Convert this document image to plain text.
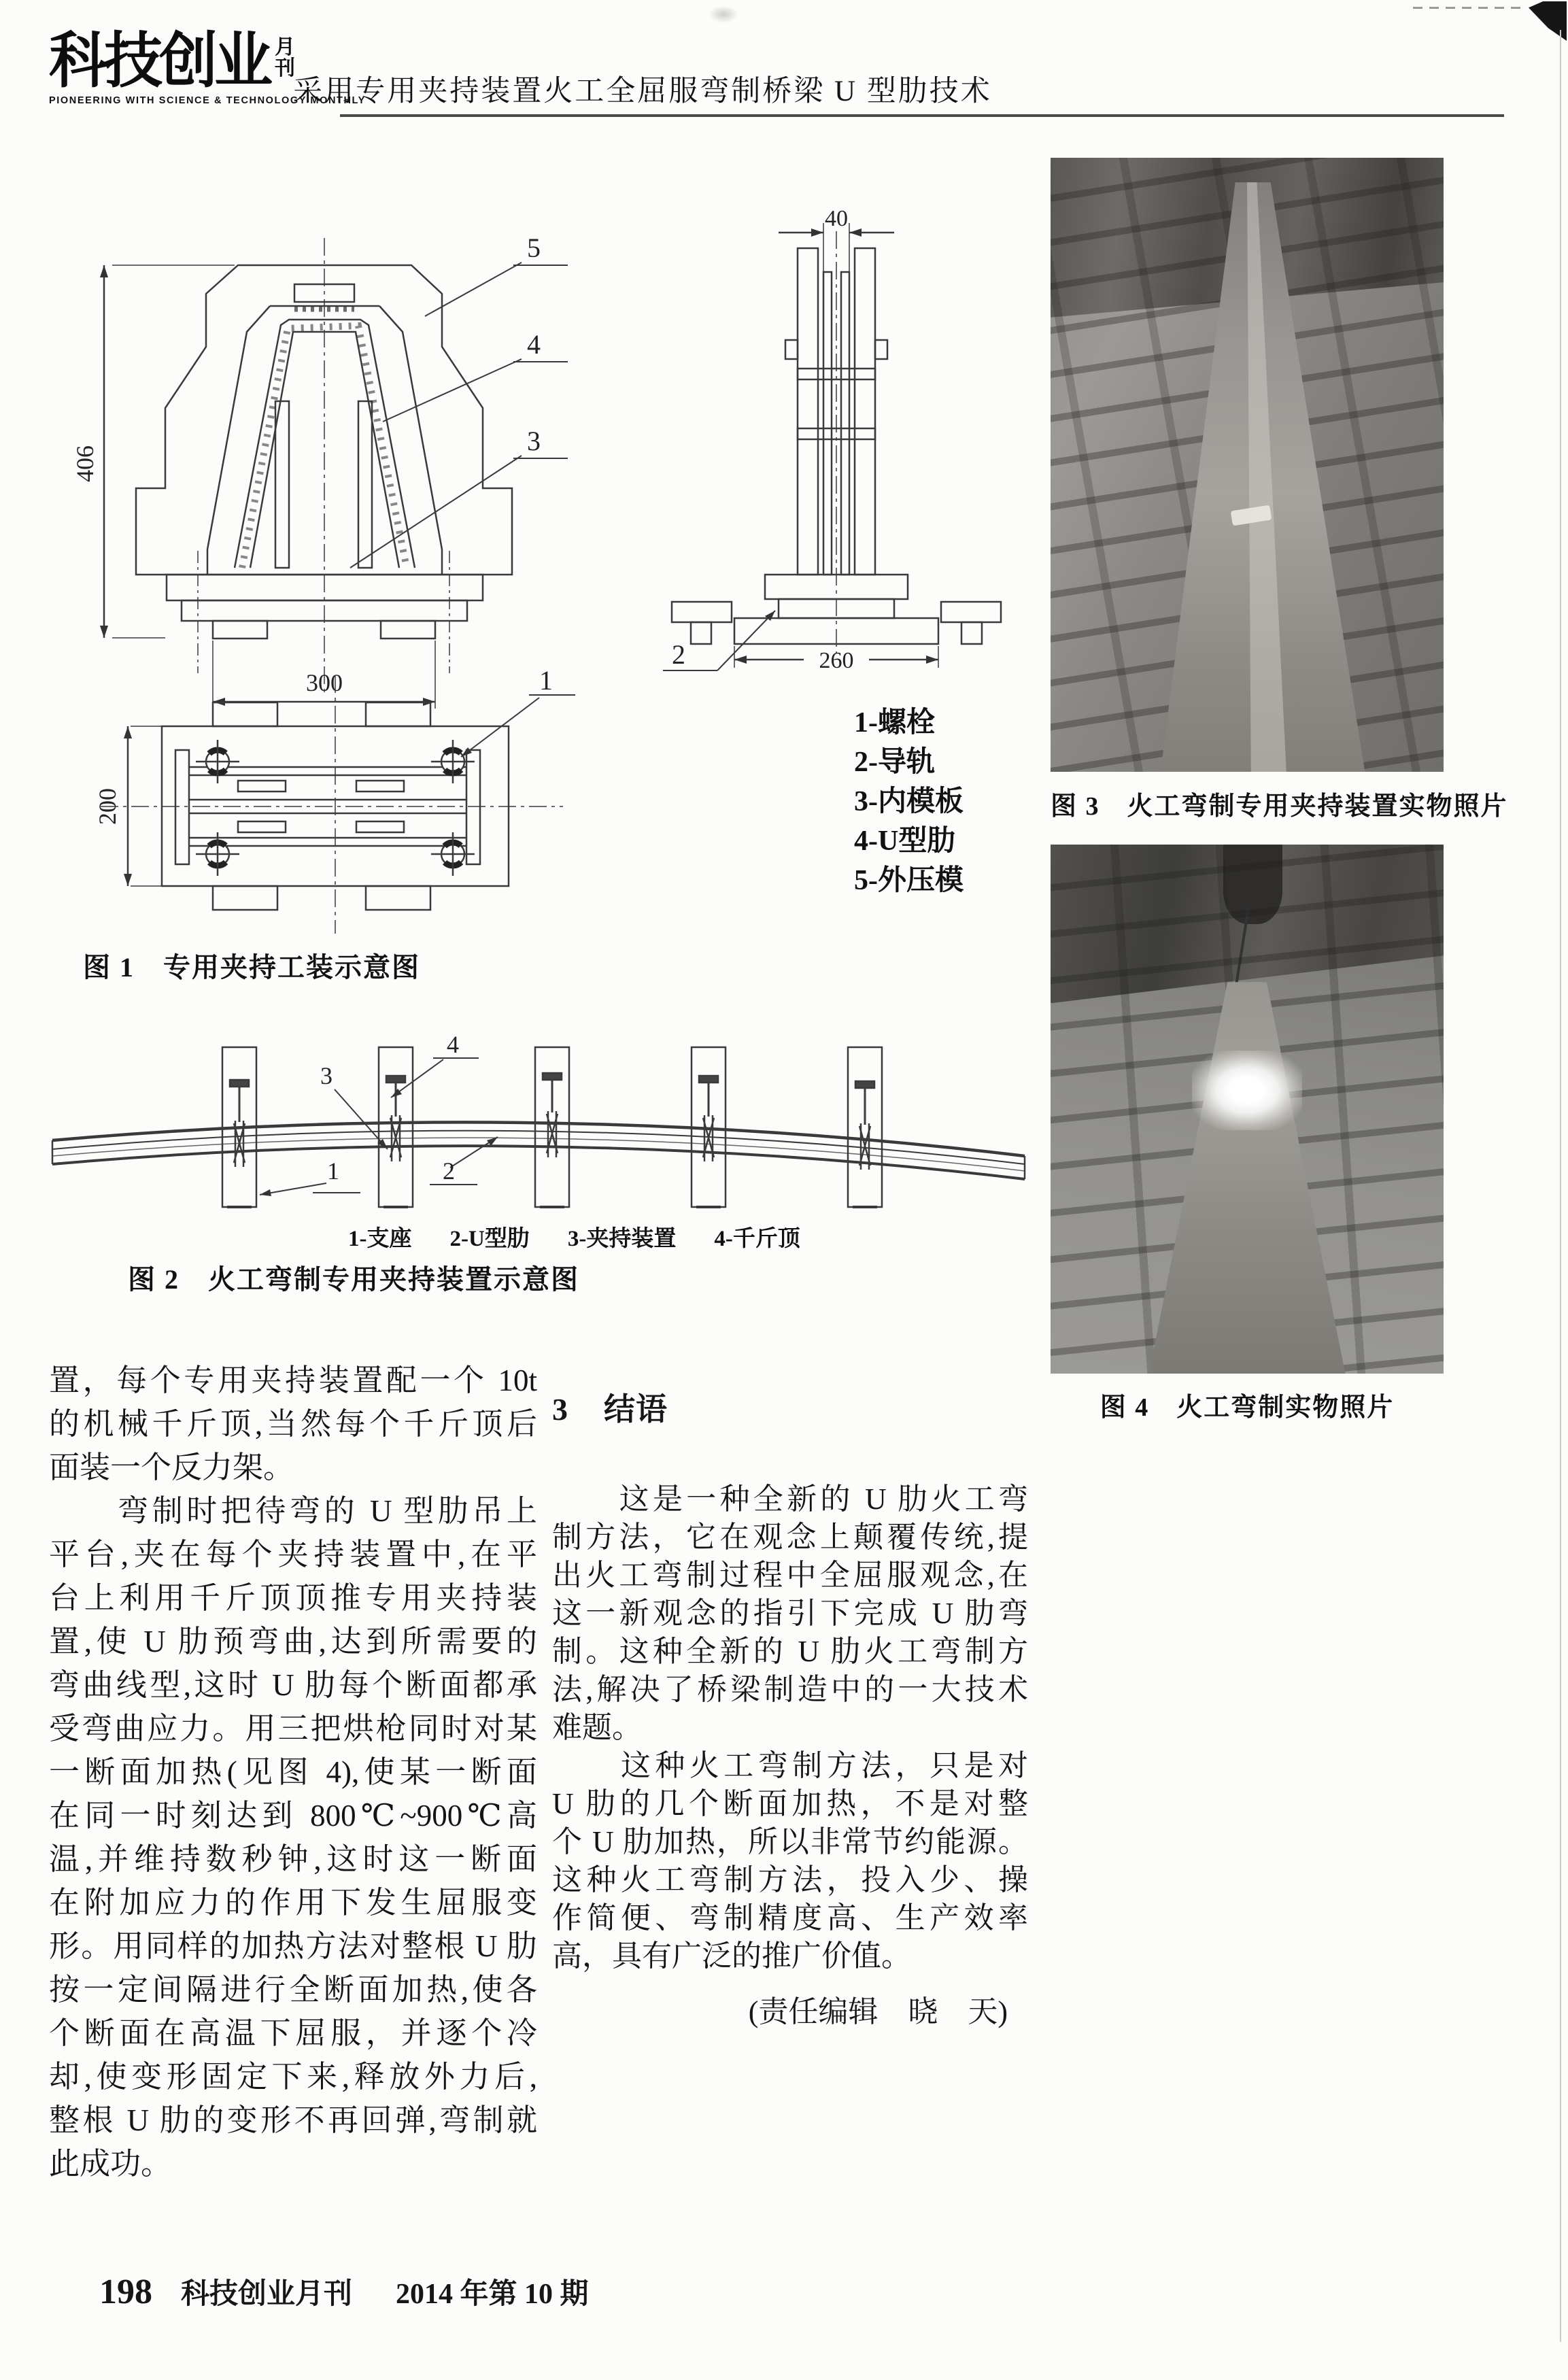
科技创业 月
刊
PIONEERING WITH SCIENCE & TECHNOLOGY MONTHLY
采用专用夹持装置火工全屈服弯制桥梁 U 型肋技术
406
300
5
4
3
40
2	260
200
1
1-螺栓
2-导轨
3-内模板
4-U型肋
5-外压模
图 1　专用夹持工装示意图
4
3
2
1
1-支座 2-U型肋 3-夹持装置 4-千斤顶
图 2　火工弯制专用夹持装置示意图
图 3　火工弯制专用夹持装置实物照片
图 4　火工弯制实物照片
置，每个专用夹持装置配一个 10t
的机械千斤顶,当然每个千斤顶后
面装一个反力架。
　　弯制时把待弯的 U 型肋吊上
平台,夹在每个夹持装置中,在平
台上利用千斤顶顶推专用夹持装
置,使 U 肋预弯曲,达到所需要的
弯曲线型,这时 U 肋每个断面都承
受弯曲应力。用三把烘枪同时对某
一断面加热(见图 4),使某一断面
在同一时刻达到 800℃~900℃高
温,并维持数秒钟,这时这一断面
在附加应力的作用下发生屈服变
形。用同样的加热方法对整根 U 肋
按一定间隔进行全断面加热,使各
个断面在高温下屈服，并逐个冷
却,使变形固定下来,释放外力后,
整根 U 肋的变形不再回弹,弯制就
此成功。
3 结语
　　这是一种全新的 U 肋火工弯
制方法，它在观念上颠覆传统,提
出火工弯制过程中全屈服观念,在
这一新观念的指引下完成 U 肋弯
制。这种全新的 U 肋火工弯制方
法,解决了桥梁制造中的一大技术
难题。
　　这种火工弯制方法，只是对
U 肋的几个断面加热，不是对整
个 U 肋加热，所以非常节约能源。
这种火工弯制方法，投入少、操
作简便、弯制精度高、生产效率
高，具有广泛的推广价值。
(责任编辑　晓　天)
198 科技创业月刊 2014 年第 10 期
